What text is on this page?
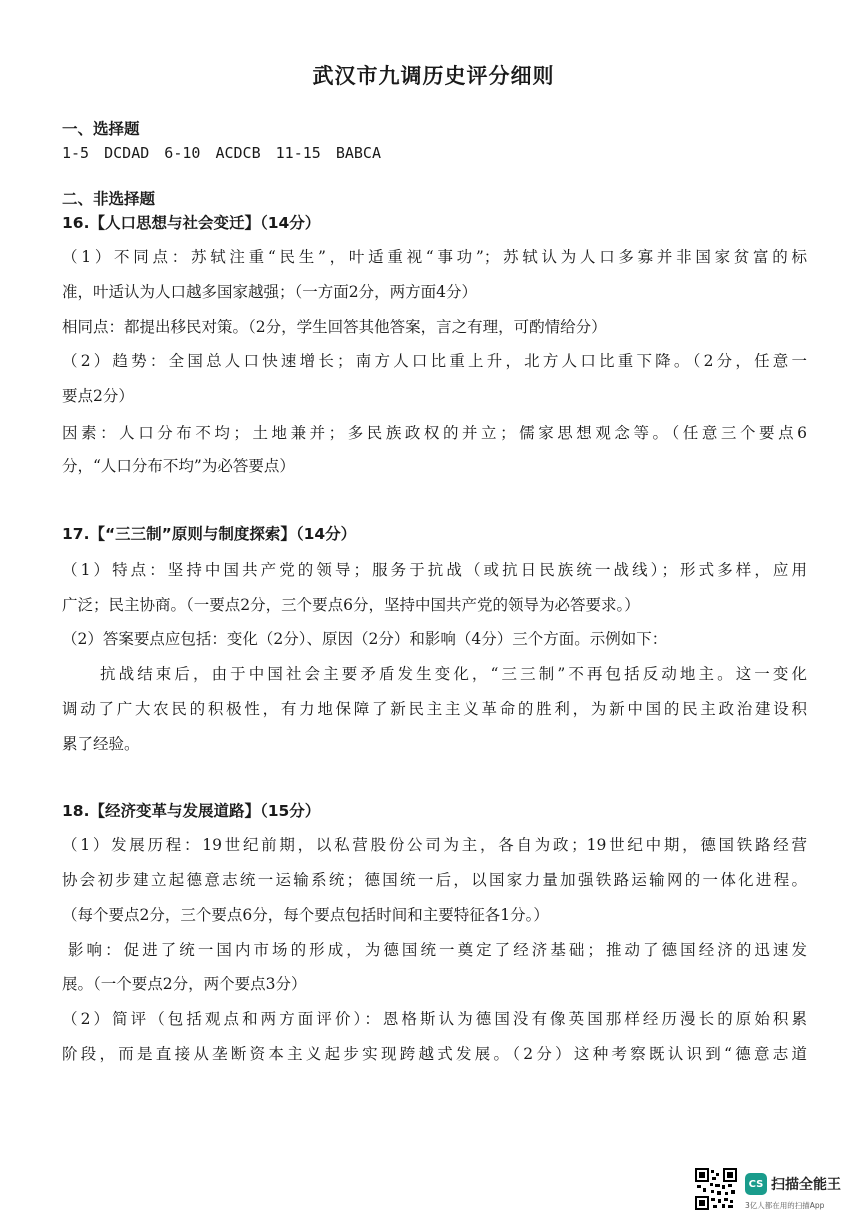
武汉市九调历史评分细则
一、选择题
1-5 DCDAD 6-10 ACDCB 11-15 BABCA
二、非选择题
16.【人口思想与社会变迁】（14分）
（1）不同点：苏轼注重“民生”，叶适重视“事功”；苏轼认为人口多寡并非国家贫富的标
准，叶适认为人口越多国家越强；（一方面2分，两方面4分）
相同点：都提出移民对策。（2分，学生回答其他答案，言之有理，可酌情给分）
（2）趋势：全国总人口快速增长；南方人口比重上升，北方人口比重下降。（2分，任意一
要点2分）
因素：人口分布不均；土地兼并；多民族政权的并立；儒家思想观念等。（任意三个要点6
分，“人口分布不均”为必答要点）
17.【“三三制”原则与制度探索】（14分）
（1）特点：坚持中国共产党的领导；服务于抗战（或抗日民族统一战线）；形式多样，应用
广泛；民主协商。（一要点2分，三个要点6分，坚持中国共产党的领导为必答要求。）
（2）答案要点应包括：变化（2分）、原因（2分）和影响（4分）三个方面。示例如下：
抗战结束后，由于中国社会主要矛盾发生变化，“三三制”不再包括反动地主。这一变化
调动了广大农民的积极性，有力地保障了新民主主义革命的胜利，为新中国的民主政治建设积
累了经验。
18.【经济变革与发展道路】（15分）
（1）发展历程：19世纪前期，以私营股份公司为主，各自为政；19世纪中期，德国铁路经营
协会初步建立起德意志统一运输系统；德国统一后，以国家力量加强铁路运输网的一体化进程。
（每个要点2分，三个要点6分，每个要点包括时间和主要特征各1分。）
影响：促进了统一国内市场的形成，为德国统一奠定了经济基础；推动了德国经济的迅速发
展。（一个要点2分，两个要点3分）
（2）简评（包括观点和两方面评价）：恩格斯认为德国没有像英国那样经历漫长的原始积累
阶段，而是直接从垄断资本主义起步实现跨越式发展。（2分）这种考察既认识到“德意志道
CS 扫描全能王
3亿人都在用的扫描App
